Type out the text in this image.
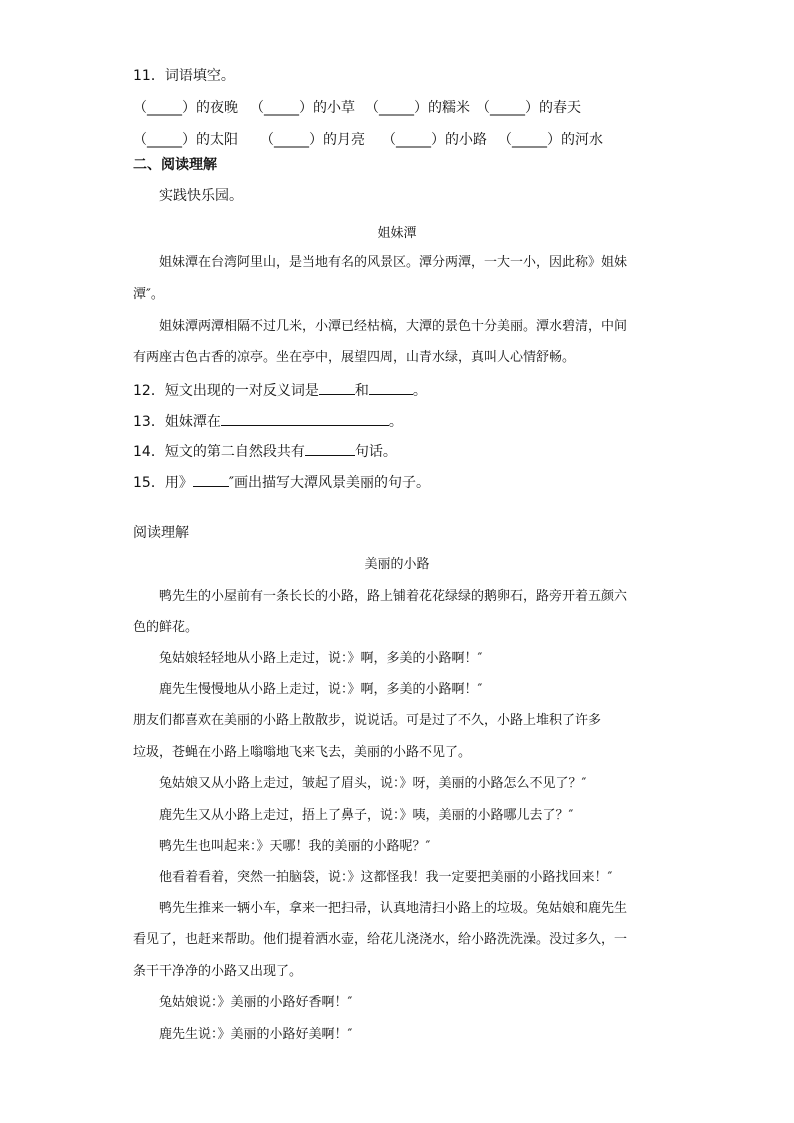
11．词语填空。
（_____）的夜晚 （_____）的小草 （_____）的糯米 （_____）的春天
（_____）的太阳 （_____）的月亮 （_____）的小路 （_____）的河水
二、阅读理解
实践快乐园。
姐妹潭
姐妹潭在台湾阿里山，是当地有名的风景区。潭分两潭，一大一小，因此称》姐妹
潭″。
姐妹潭两潭相隔不过几米，小潭已经枯槁，大潭的景色十分美丽。潭水碧清，中间
有两座古色古香的凉亭。坐在亭中，展望四周，山青水绿，真叫人心情舒畅。
12．短文出现的一对反义词是	和	。
13．姐妹潭在	。
14．短文的第二自然段共有	句话。
15．用》	″画出描写大潭风景美丽的句子。
阅读理解
美丽的小路
鸭先生的小屋前有一条长长的小路，路上铺着花花绿绿的鹅卵石，路旁开着五颜六
色的鲜花。
兔姑娘轻轻地从小路上走过，说：》啊，多美的小路啊！″
鹿先生慢慢地从小路上走过，说：》啊，多美的小路啊！″
朋友们都喜欢在美丽的小路上散散步，说说话。可是过了不久，小路上堆积了许多
垃圾，苍蝇在小路上嗡嗡地飞来飞去，美丽的小路不见了。
兔姑娘又从小路上走过，皱起了眉头，说：》呀，美丽的小路怎么不见了？″
鹿先生又从小路上走过，捂上了鼻子，说：》咦，美丽的小路哪儿去了？″
鸭先生也叫起来：》天哪！我的美丽的小路呢？″
他看着看着，突然一拍脑袋，说：》这都怪我！我一定要把美丽的小路找回来！″
鸭先生推来一辆小车，拿来一把扫帚，认真地清扫小路上的垃圾。兔姑娘和鹿先生
看见了，也赶来帮助。他们提着洒水壶，给花儿浇浇水，给小路洗洗澡。没过多久，一
条干干净净的小路又出现了。
兔姑娘说：》美丽的小路好香啊！″
鹿先生说：》美丽的小路好美啊！″
